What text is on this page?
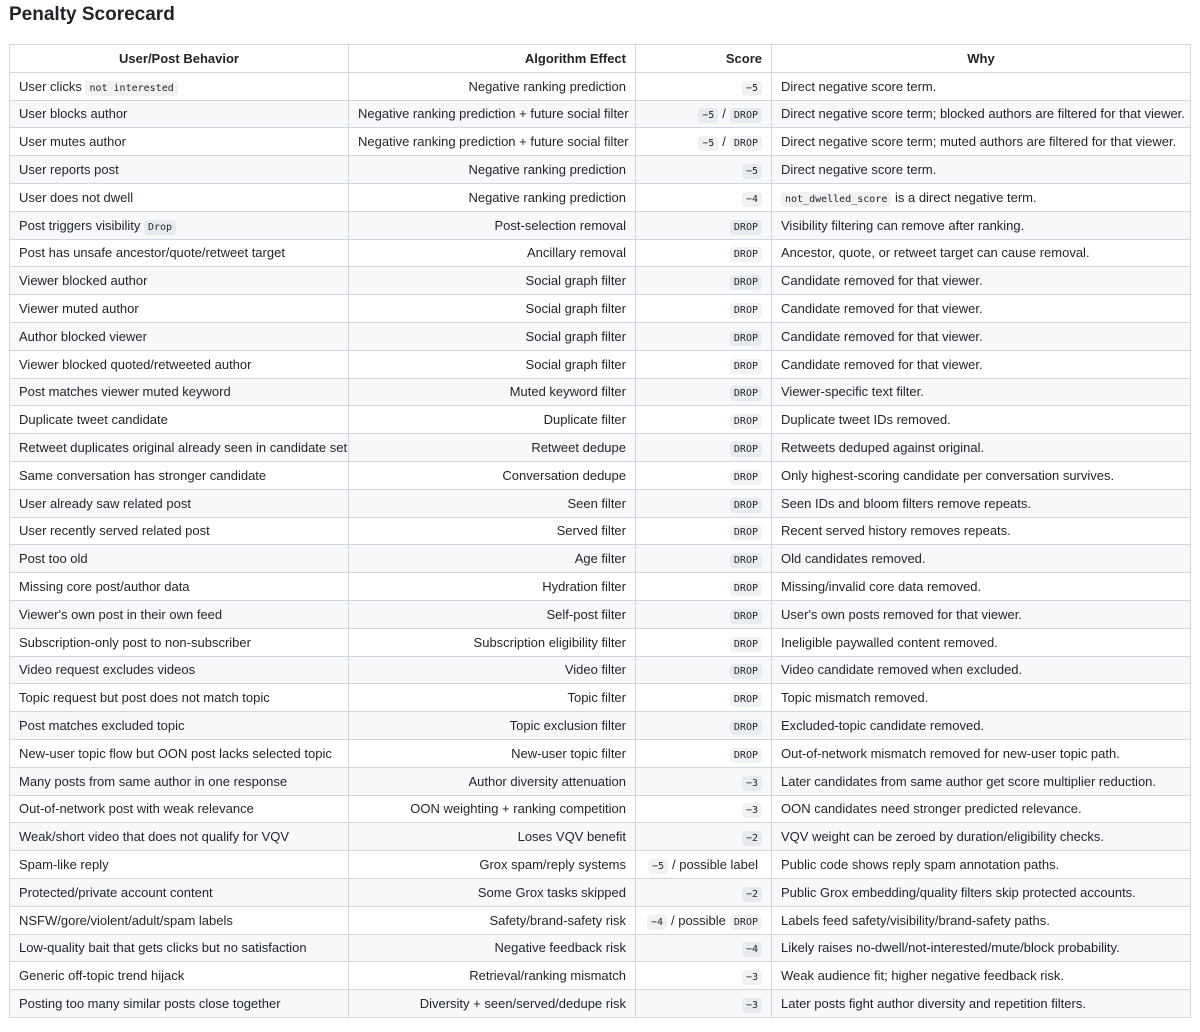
Penalty Scorecard
User/Post Behavior	Algorithm Effect	Score	Why
User clicks not interested	Negative ranking prediction	−5	Direct negative score term.
User blocks author	Negative ranking prediction + future social filter	−5 / DROP	Direct negative score term; blocked authors are filtered for that viewer.
User mutes author	Negative ranking prediction + future social filter	−5 / DROP	Direct negative score term; muted authors are filtered for that viewer.
User reports post	Negative ranking prediction	−5	Direct negative score term.
User does not dwell	Negative ranking prediction	−4	not_dwelled_score is a direct negative term.
Post triggers visibility Drop	Post-selection removal	DROP	Visibility filtering can remove after ranking.
Post has unsafe ancestor/quote/retweet target	Ancillary removal	DROP	Ancestor, quote, or retweet target can cause removal.
Viewer blocked author	Social graph filter	DROP	Candidate removed for that viewer.
Viewer muted author	Social graph filter	DROP	Candidate removed for that viewer.
Author blocked viewer	Social graph filter	DROP	Candidate removed for that viewer.
Viewer blocked quoted/retweeted author	Social graph filter	DROP	Candidate removed for that viewer.
Post matches viewer muted keyword	Muted keyword filter	DROP	Viewer-specific text filter.
Duplicate tweet candidate	Duplicate filter	DROP	Duplicate tweet IDs removed.
Retweet duplicates original already seen in candidate set	Retweet dedupe	DROP	Retweets deduped against original.
Same conversation has stronger candidate	Conversation dedupe	DROP	Only highest-scoring candidate per conversation survives.
User already saw related post	Seen filter	DROP	Seen IDs and bloom filters remove repeats.
User recently served related post	Served filter	DROP	Recent served history removes repeats.
Post too old	Age filter	DROP	Old candidates removed.
Missing core post/author data	Hydration filter	DROP	Missing/invalid core data removed.
Viewer's own post in their own feed	Self-post filter	DROP	User's own posts removed for that viewer.
Subscription-only post to non-subscriber	Subscription eligibility filter	DROP	Ineligible paywalled content removed.
Video request excludes videos	Video filter	DROP	Video candidate removed when excluded.
Topic request but post does not match topic	Topic filter	DROP	Topic mismatch removed.
Post matches excluded topic	Topic exclusion filter	DROP	Excluded-topic candidate removed.
New-user topic flow but OON post lacks selected topic	New-user topic filter	DROP	Out-of-network mismatch removed for new-user topic path.
Many posts from same author in one response	Author diversity attenuation	−3	Later candidates from same author get score multiplier reduction.
Out-of-network post with weak relevance	OON weighting + ranking competition	−3	OON candidates need stronger predicted relevance.
Weak/short video that does not qualify for VQV	Loses VQV benefit	−2	VQV weight can be zeroed by duration/eligibility checks.
Spam-like reply	Grox spam/reply systems	−5 / possible label	Public code shows reply spam annotation paths.
Protected/private account content	Some Grox tasks skipped	−2	Public Grox embedding/quality filters skip protected accounts.
NSFW/gore/violent/adult/spam labels	Safety/brand-safety risk	−4 / possible DROP	Labels feed safety/visibility/brand-safety paths.
Low-quality bait that gets clicks but no satisfaction	Negative feedback risk	−4	Likely raises no-dwell/not-interested/mute/block probability.
Generic off-topic trend hijack	Retrieval/ranking mismatch	−3	Weak audience fit; higher negative feedback risk.
Posting too many similar posts close together	Diversity + seen/served/dedupe risk	−3	Later posts fight author diversity and repetition filters.
